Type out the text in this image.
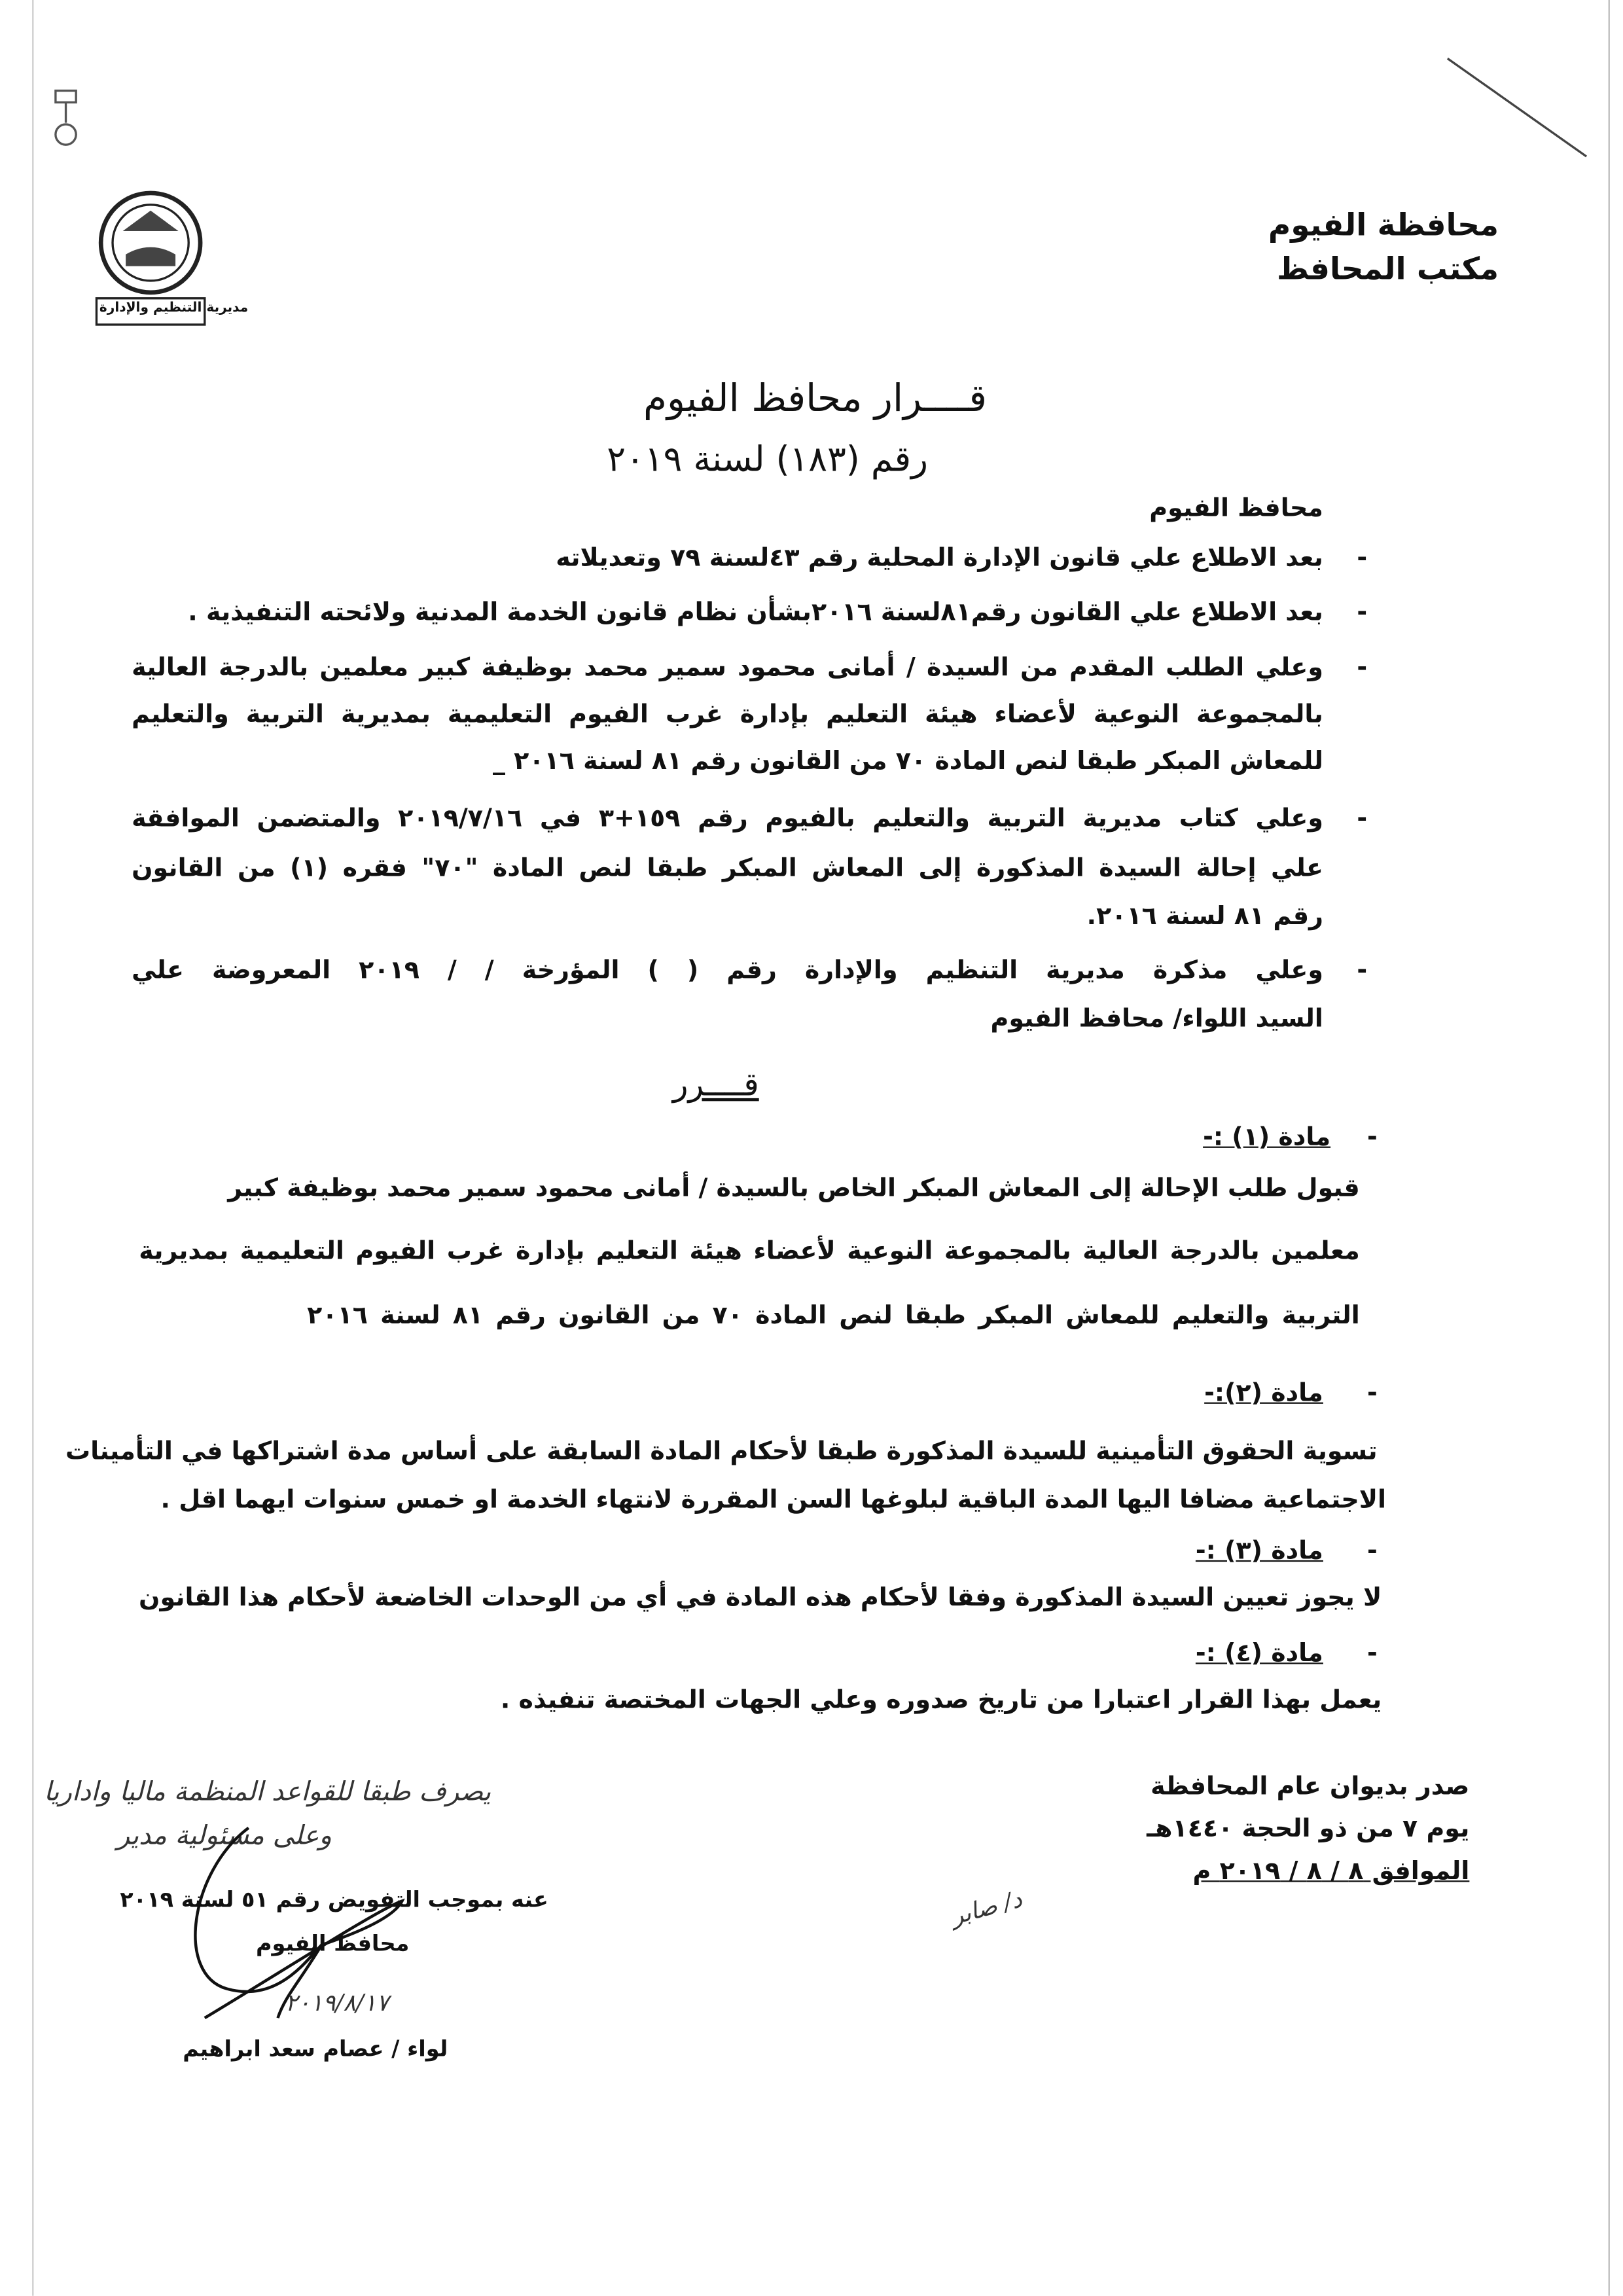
محافظة الفيوم
مكتب المحافظ
مديرية التنظيم والإدارة
قــــرار محافظ الفيوم
رقم (١٨٣) لسنة ٢٠١٩
محافظ الفيوم
-
بعد الاطلاع علي قانون الإدارة المحلية رقم ٤٣لسنة ٧٩ وتعديلاته
-
بعد الاطلاع علي القانون رقم٨١لسنة ٢٠١٦بشأن نظام قانون الخدمة المدنية ولائحته التنفيذية .
-
وعلي الطلب المقدم من السيدة / أمانى محمود سمير محمد بوظيفة كبير معلمين بالدرجة العالية
بالمجموعة النوعية لأعضاء هيئة التعليم بإدارة غرب الفيوم التعليمية بمديرية التربية والتعليم
للمعاش المبكر طبقا لنص المادة ٧٠ من القانون رقم ٨١ لسنة ٢٠١٦ _
-
وعلي كتاب مديرية التربية والتعليم بالفيوم رقم ١٥٩+٣ في ٢٠١٩/٧/١٦ والمتضمن الموافقة
علي إحالة السيدة المذكورة إلى المعاش المبكر طبقا لنص المادة "٧٠" فقره (١) من القانون
رقم ٨١ لسنة ٢٠١٦.
-
وعلي مذكرة مديرية التنظيم والإدارة رقم ( ) المؤرخة / / ٢٠١٩ المعروضة علي
السيد اللواء/ محافظ الفيوم
قــــرر
-
مادة (١) :-
قبول طلب الإحالة إلى المعاش المبكر الخاص بالسيدة / أمانى محمود سمير محمد بوظيفة كبير
معلمين بالدرجة العالية بالمجموعة النوعية لأعضاء هيئة التعليم بإدارة غرب الفيوم التعليمية بمديرية
التربية والتعليم للمعاش المبكر طبقا لنص المادة ٧٠ من القانون رقم ٨١ لسنة ٢٠١٦
-
مادة (٢):-
تسوية الحقوق التأمينية للسيدة المذكورة طبقا لأحكام المادة السابقة على أساس مدة اشتراكها في التأمينات
الاجتماعية مضافا اليها المدة الباقية لبلوغها السن المقررة لانتهاء الخدمة او خمس سنوات ايهما اقل .
-
مادة (٣) :-
لا يجوز تعيين السيدة المذكورة وفقا لأحكام هذه المادة في أي من الوحدات الخاضعة لأحكام هذا القانون
-
مادة (٤) :-
يعمل بهذا القرار اعتبارا من تاريخ صدوره وعلي الجهات المختصة تنفيذه .
صدر بديوان عام المحافظة
يوم ٧ من ذو الحجة ١٤٤٠هـ
الموافق ٨ / ٨ / ٢٠١٩ م
د/ صابر
يصرف طبقا للقواعد المنظمة ماليا واداريا
وعلى مسئولية مدير
عنه بموجب التفويض رقم ٥١ لسنة ٢٠١٩
محافظ الفيوم
٢٠١٩/٨/١٧
لواء / عصام سعد ابراهيم
